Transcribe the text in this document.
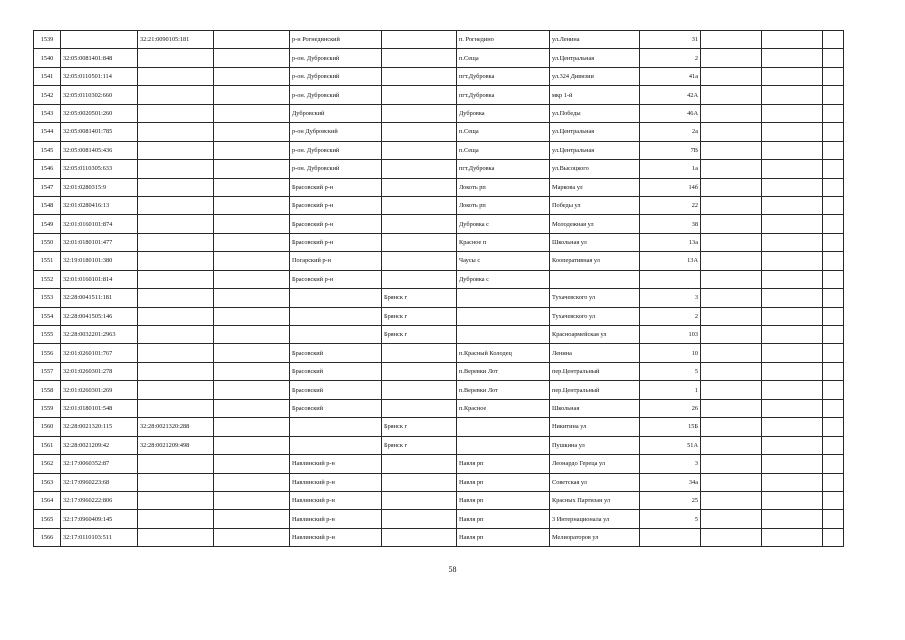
1539		32:21:0090105:181		р-н Рогнединский		п. Рогнедино	ул.Ленина	31			
1540	32:05:0081401:848			р-он. Дубровский		п.Сеща	ул.Центральная	2			
1541	32:05:0110501:114			р-он. Дубровский		пгт.Дубровка	ул.324 Дивизии	41а			
1542	32:05:0110302:660			р-он. Дубровский		пгт.Дубровка	мкр 1-й	42А			
1543	32:05:0020501:260			Дубровский		Дубровка	ул.Победы	46А			
1544	32:05:0081401:785			р-он Дубровский		п.Сеща	ул.Центральная	2а			
1545	32:05:0081405:436			р-он. Дубровский		п.Сеща	ул.Центральная	7В			
1546	32:05:0110305:633			р-он. Дубровский		пгт.Дубровка	ул.Высоцкого	1а			
1547	32:01:0280315:9			Брасовский р-н		Локоть рп	Маркова ул	14б			
1548	32:01:0280416:13			Брасовский р-н		Локоть рп	Победы ул	22			
1549	32:01:0160101:874			Брасовский р-н		Дубровка с	Молодежная ул	38			
1550	32:01:0180101:477			Брасовский р-н		Красное п	Школьная ул	13а			
1551	32:19:0180101:380			Погарский р-н		Чаусы с	Кооперативная ул	13А			
1552	32:01:0160101:814			Брасовский р-н		Дубровка с					
1553	32:28:0041511:181				Брянск г		Тухачевского ул	3			
1554	32:28:0041505:146				Брянск г		Тухачевского ул	2			
1555	32:28:0032201:2963				Брянск г		Красноармейская ул	103			
1556	32:01:0260101:767			Брасовский		п.Красный Колодец	Ленина	10			
1557	32:01:0260301:278			Брасовский		п.Веревки Лот	пер.Центральный	5			
1558	32:01:0260301:269			Брасовский		п.Веревки Лот	пер.Центральный	1			
1559	32:01:0180101:548			Брасовский		п.Красное	Школьная	26			
1560	32:28:0021320:115	32:28:0021320:288			Брянск г		Никитина ул	15Б			
1561	32:28:0021209:42	32:28:0021209:498			Брянск г		Пушкина ул	51А			
1562	32:17:0060352:87			Навлинский р-н		Навля рп	Леонардо Гереца ул	3			
1563	32:17:0960223:68			Навлинский р-н		Навля рп	Советская ул	34а			
1564	32:17:0960222:806			Навлинский р-н		Навля рп	Красных Партизан ул	25			
1565	32:17:0960409:145			Навлинский р-н		Навля рп	3 Интернационала ул	5			
1566	32:17:0110103:511			Навлинский р-н		Навля рп	Мелиораторов ул				
58
